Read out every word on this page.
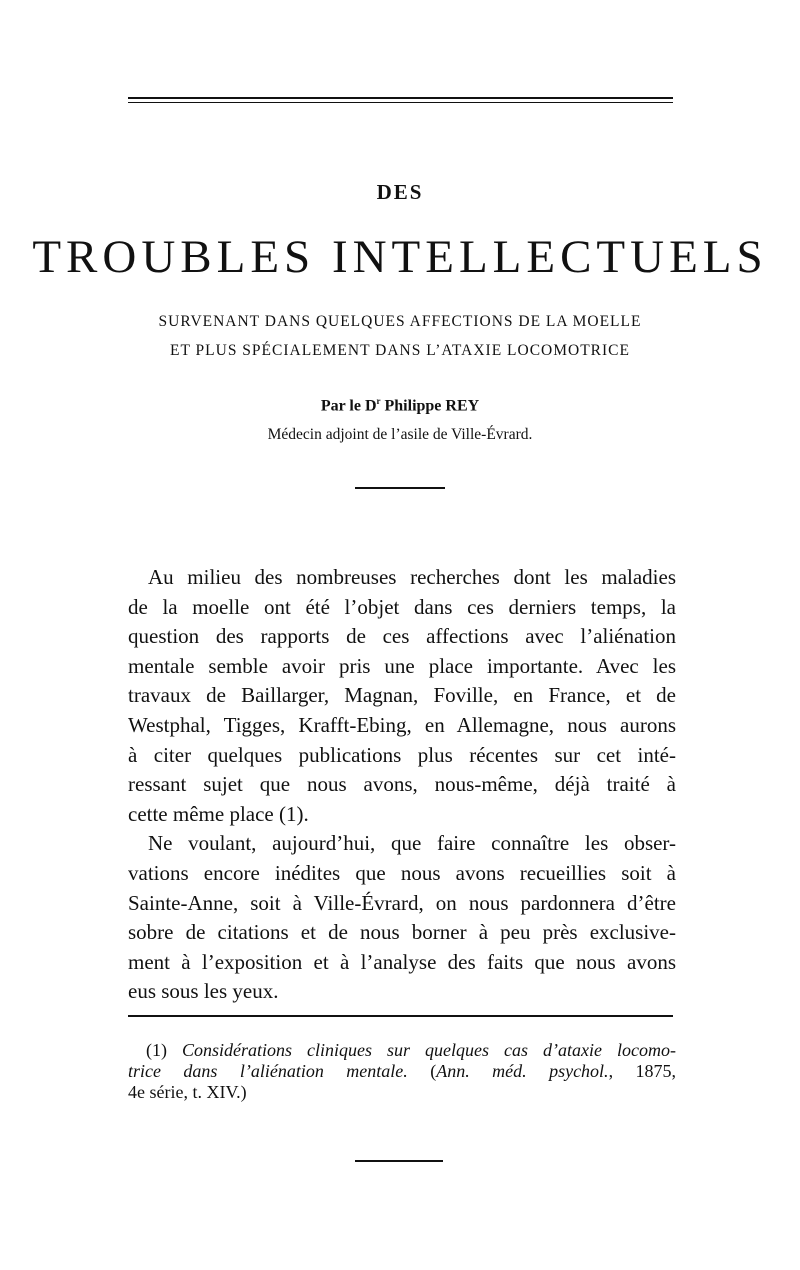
DES
TROUBLES INTELLECTUELS
SURVENANT DANS QUELQUES AFFECTIONS DE LA MOELLE
ET PLUS SPÉCIALEMENT DANS L’ATAXIE LOCOMOTRICE
Par le $D^r$ Philippe REY
Médecin adjoint de l’asile de Ville-Évrard.
Au milieu des nombreuses recherches dont les maladies
de la moelle ont été l’objet dans ces derniers temps, la
question des rapports de ces affections avec l’aliénation
mentale semble avoir pris une place importante. Avec les
travaux de Baillarger, Magnan, Foville, en France, et de
Westphal, Tigges, Krafft-Ebing, en Allemagne, nous aurons
à citer quelques publications plus récentes sur cet inté-
ressant sujet que nous avons, nous-même, déjà traité à
cette même place (1).
Ne voulant, aujourd’hui, que faire connaître les obser-
vations encore inédites que nous avons recueillies soit à
Sainte-Anne, soit à Ville-Évrard, on nous pardonnera d’être
sobre de citations et de nous borner à peu près exclusive-
ment à l’exposition et à l’analyse des faits que nous avons
eus sous les yeux.
(1) Considérations cliniques sur quelques cas d’ataxie locomo-
trice dans l’aliénation mentale. (Ann. méd. psychol., 1875,
4e série, t. XIV.)
